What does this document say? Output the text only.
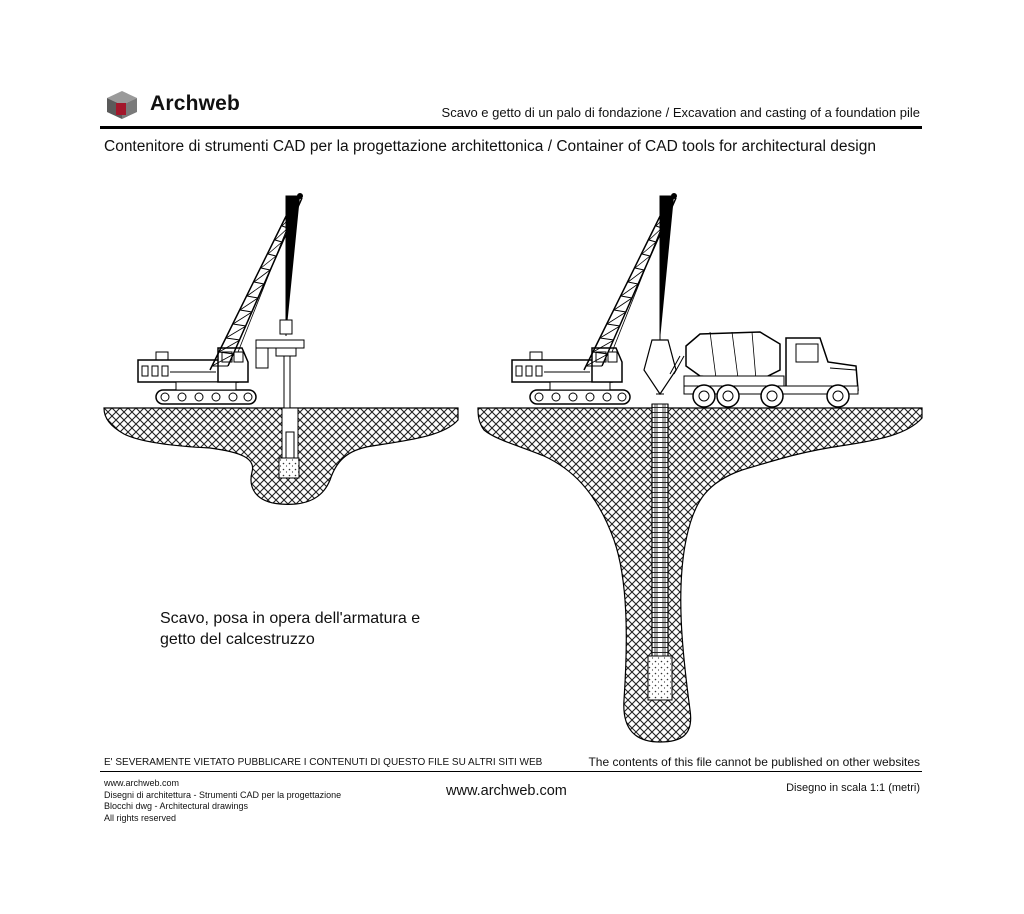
Archweb	Scavo e getto di un palo di fondazione / Excavation and casting of a foundation pile
Contenitore di strumenti CAD per la progettazione architettonica / Container of CAD tools for architectural design
Scavo, posa in opera dell'armatura e
getto del calcestruzzo
E' SEVERAMENTE VIETATO PUBBLICARE I CONTENUTI DI QUESTO FILE SU ALTRI SITI WEB	The contents of this file cannot be published on other websites
www.archweb.com
Disegni di architettura - Strumenti CAD per la progettazione
Blocchi dwg - Architectural drawings
All rights reserved
www.archweb.com	Disegno in scala 1:1 (metri)
